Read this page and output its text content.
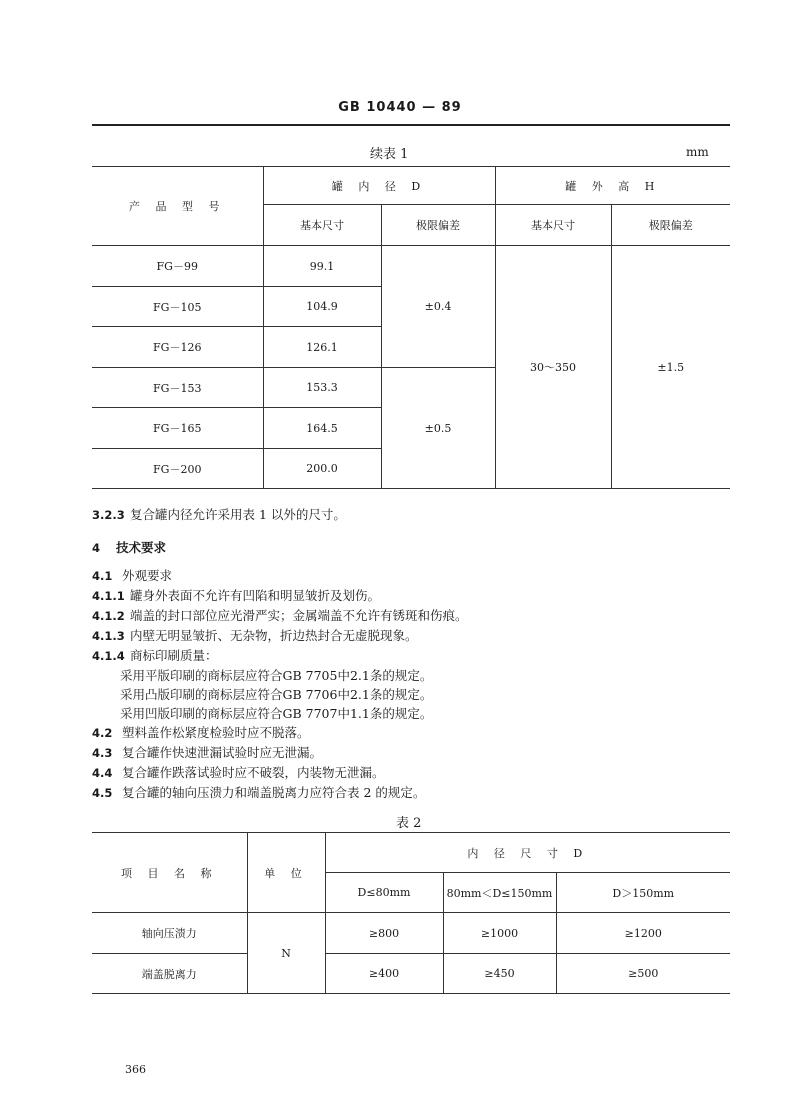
GB 10440 — 89
续表 1	mm
产 品 型 号	罐 内 径 D		罐 外 高 H	
	基本尺寸	极限偏差	基本尺寸	极限偏差
FG－99	99.1	±0.4	30～350	±1.5
FG－105	104.9			
FG－126	126.1			
FG－153	153.3	±0.5		
FG－165	164.5			
FG－200	200.0			
3.2.3 复合罐内径允许采用表 1 以外的尺寸。
4 技术要求
4.1 外观要求
4.1.1 罐身外表面不允许有凹陷和明显皱折及划伤。
4.1.2 端盖的封口部位应光滑严实；金属端盖不允许有锈斑和伤痕。
4.1.3 内壁无明显皱折、无杂物，折边热封合无虚脱现象。
4.1.4 商标印刷质量：
采用平版印刷的商标层应符合GB 7705中2.1条的规定。
采用凸版印刷的商标层应符合GB 7706中2.1条的规定。
采用凹版印刷的商标层应符合GB 7707中1.1条的规定。
4.2 塑料盖作松紧度检验时应不脱落。
4.3 复合罐作快速泄漏试验时应无泄漏。
4.4 复合罐作跌落试验时应不破裂，内装物无泄漏。
4.5 复合罐的轴向压溃力和端盖脱离力应符合表 2 的规定。
表 2
项 目 名 称	单 位	内 径 尺 寸 D		
		D≤80mm	80mm＜D≤150mm	D＞150mm
轴向压溃力	N	≥800	≥1000	≥1200
端盖脱离力		≥400	≥450	≥500
366
